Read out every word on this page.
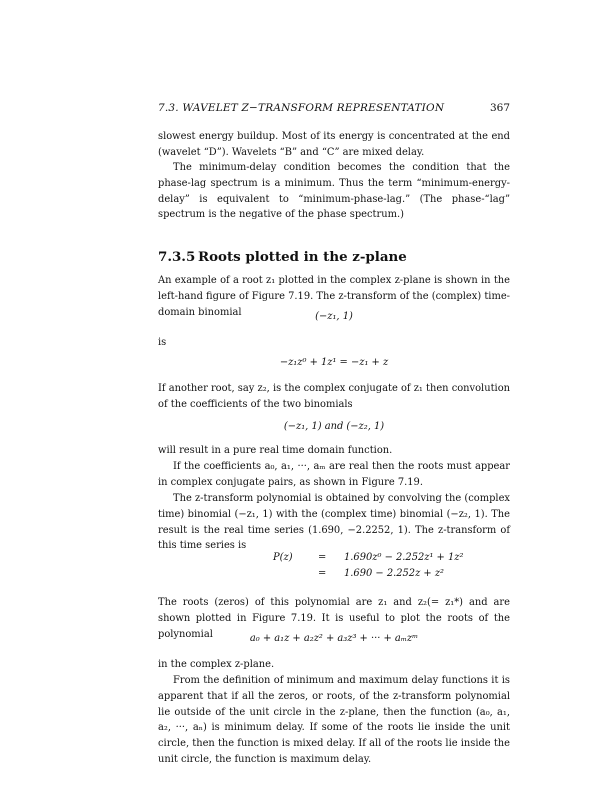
7.3. WAVELET Z−TRANSFORM REPRESENTATION	367

slowest energy buildup. Most of its energy is concentrated at the end (wavelet “D”). Wavelets “B” and “C” are mixed delay.

The minimum-delay condition becomes the condition that the phase-lag spectrum is a minimum. Thus the term “minimum-energy-delay” is equivalent to “minimum-phase-lag.” (The phase-“lag” spectrum is the negative of the phase spectrum.)

7.3.5 Roots plotted in the z-plane

An example of a root z₁ plotted in the complex z-plane is shown in the left-hand figure of Figure 7.19. The z-transform of the (complex) time-domain binomial	(−z₁, 1)

is

−z₁z⁰ + 1z¹ = −z₁ + z

If another root, say z₂, is the complex conjugate of z₁ then convolution of the coefficients of the two binomials

(−z₁, 1) and (−z₂, 1)

will result in a pure real time domain function.

If the coefficients a₀, a₁, ···, aₘ are real then the roots must appear in complex conjugate pairs, as shown in Figure 7.19.

The z-transform polynomial is obtained by convolving the (complex time) binomial (−z₁, 1) with the (complex time) binomial (−z₂, 1). The result is the real time series (1.690, −2.2252, 1). The z-transform of this time series is

P(z)	= 1.690z⁰ − 2.252z¹ + 1z²
= 1.690 − 2.252z + z²

The roots (zeros) of this polynomial are z₁ and z₂(= z₁*) and are shown plotted in Figure 7.19. It is useful to plot the roots of the polynomial	a₀ + a₁z + a₂z² + a₃z³ + ··· + aₘzᵐ

in the complex z-plane.

From the definition of minimum and maximum delay functions it is apparent that if all the zeros, or roots, of the z-transform polynomial lie outside of the unit circle in the z-plane, then the function (a₀, a₁, a₂, ···, aₙ) is minimum delay. If some of the roots lie inside the unit circle, then the function is mixed delay. If all of the roots lie inside the unit circle, the function is maximum delay.
